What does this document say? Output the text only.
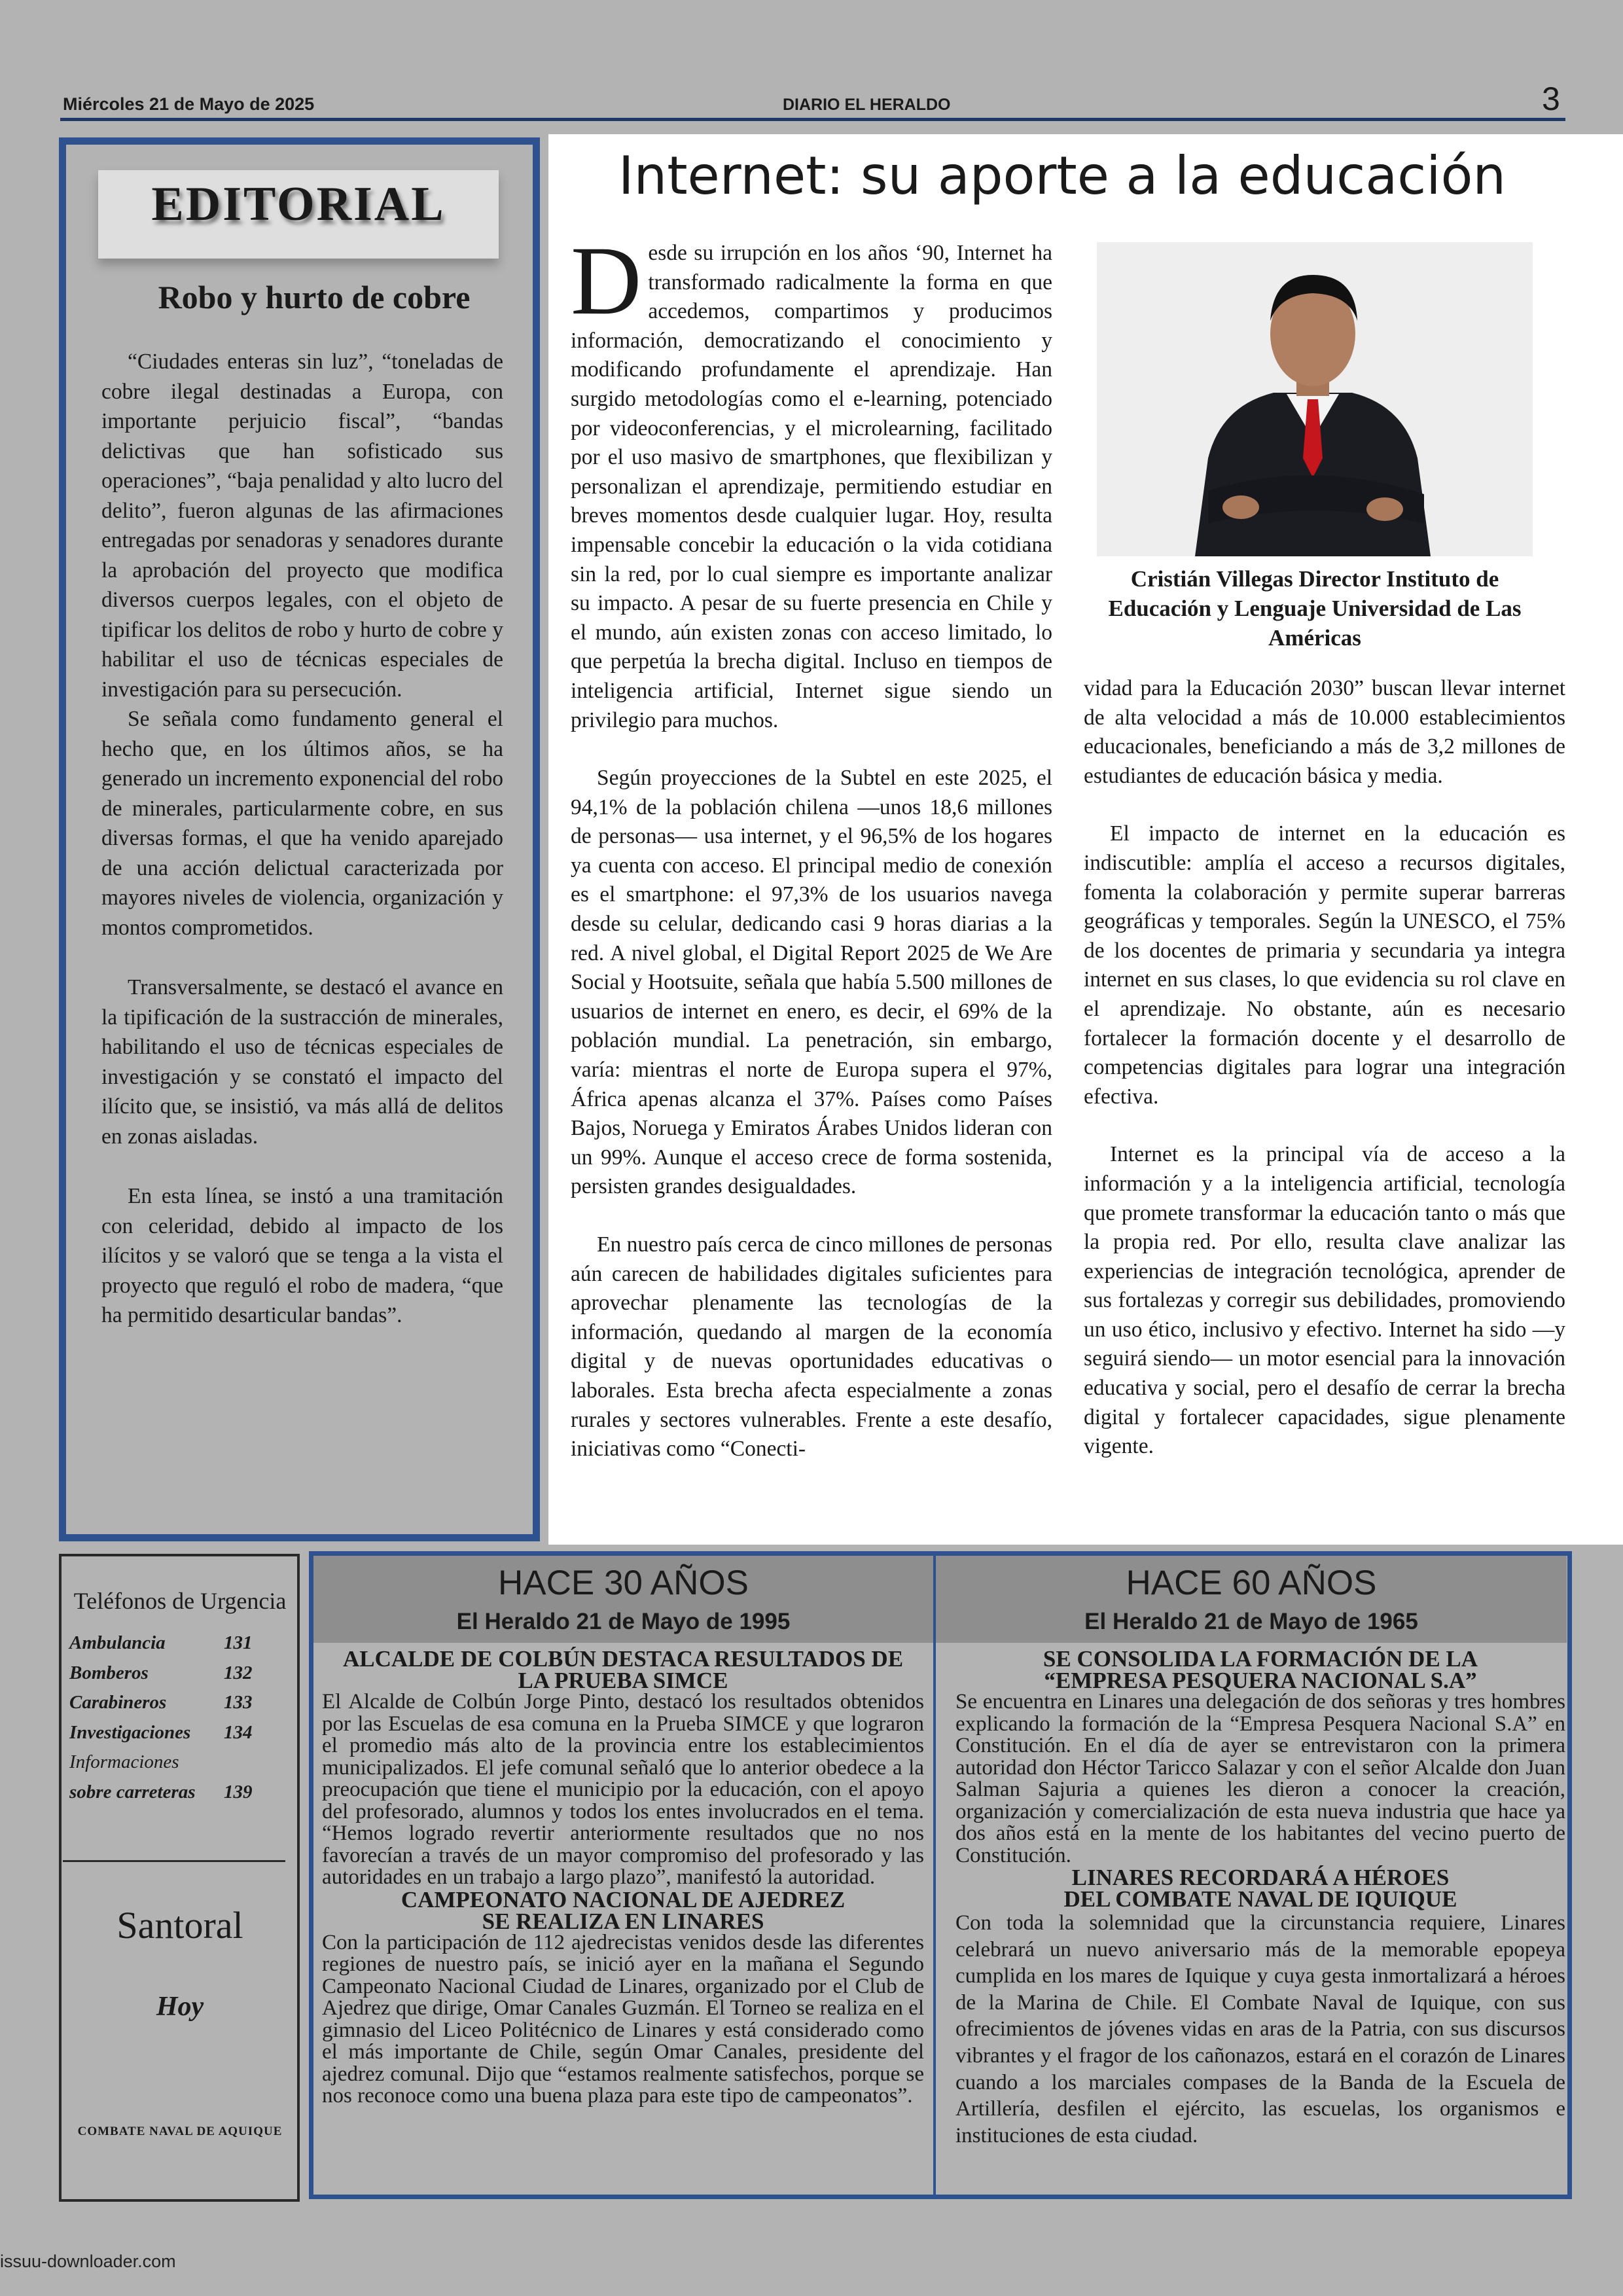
Miércoles 21 de Mayo de 2025	DIARIO EL HERALDO	3
EDITORIAL
Robo y hurto de cobre

“Ciudades enteras sin luz”, “toneladas de cobre ilegal destinadas a Europa, con importante perjuicio fiscal”, “bandas delictivas que han sofisticado sus operaciones”, “baja penalidad y alto lucro del delito”, fueron algunas de las afirmaciones entregadas por senadoras y senadores durante la aprobación del proyecto que modifica diversos cuerpos legales, con el objeto de tipificar los delitos de robo y hurto de cobre y habilitar el uso de técnicas especiales de investigación para su persecución.

Se señala como fundamento general el hecho que, en los últimos años, se ha generado un incremento exponencial del robo de minerales, particularmente cobre, en sus diversas formas, el que ha venido aparejado de una acción delictual caracterizada por mayores niveles de violencia, organización y montos comprometidos.

Transversalmente, se destacó el avance en la tipificación de la sustracción de minerales, habilitando el uso de técnicas especiales de investigación y se constató el impacto del ilícito que, se insistió, va más allá de delitos en zonas aisladas.

En esta línea, se instó a una tramitación con celeridad, debido al impacto de los ilícitos y se valoró que se tenga a la vista el proyecto que reguló el robo de madera, “que ha permitido desarticular bandas”.

Internet: su aporte a la educación

Desde su irrupción en los años ‘90, Internet ha transformado radicalmente la forma en que accedemos, compartimos y producimos información, democratizando el conocimiento y modificando profundamente el aprendizaje. Han surgido metodologías como el e-learning, potenciado por videoconferencias, y el microlearning, facilitado por el uso masivo de smartphones, que flexibilizan y personalizan el aprendizaje, permitiendo estudiar en breves momentos desde cualquier lugar. Hoy, resulta impensable concebir la educación o la vida cotidiana sin la red, por lo cual siempre es importante analizar su impacto. A pesar de su fuerte presencia en Chile y el mundo, aún existen zonas con acceso limitado, lo que perpetúa la brecha digital. Incluso en tiempos de inteligencia artificial, Internet sigue siendo un privilegio para muchos.

Según proyecciones de la Subtel en este 2025, el 94,1% de la población chilena —unos 18,6 millones de personas— usa internet, y el 96,5% de los hogares ya cuenta con acceso. El principal medio de conexión es el smartphone: el 97,3% de los usuarios navega desde su celular, dedicando casi 9 horas diarias a la red. A nivel global, el Digital Report 2025 de We Are Social y Hootsuite, señala que había 5.500 millones de usuarios de internet en enero, es decir, el 69% de la población mundial. La penetración, sin embargo, varía: mientras el norte de Europa supera el 97%, África apenas alcanza el 37%. Países como Países Bajos, Noruega y Emiratos Árabes Unidos lideran con un 99%. Aunque el acceso crece de forma sostenida, persisten grandes desigualdades.

En nuestro país cerca de cinco millones de personas aún carecen de habilidades digitales suficientes para aprovechar plenamente las tecnologías de la información, quedando al margen de la economía digital y de nuevas oportunidades educativas o laborales. Esta brecha afecta especialmente a zonas rurales y sectores vulnerables. Frente a este desafío, iniciativas como “Conecti-

Cristián Villegas Director Instituto de Educación y Lenguaje Universidad de Las Américas

vidad para la Educación 2030” buscan llevar internet de alta velocidad a más de 10.000 establecimientos educacionales, beneficiando a más de 3,2 millones de estudiantes de educación básica y media.

El impacto de internet en la educación es indiscutible: amplía el acceso a recursos digitales, fomenta la colaboración y permite superar barreras geográficas y temporales. Según la UNESCO, el 75% de los docentes de primaria y secundaria ya integra internet en sus clases, lo que evidencia su rol clave en el aprendizaje. No obstante, aún es necesario fortalecer la formación docente y el desarrollo de competencias digitales para lograr una integración efectiva.

Internet es la principal vía de acceso a la información y a la inteligencia artificial, tecnología que promete transformar la educación tanto o más que la propia red. Por ello, resulta clave analizar las experiencias de integración tecnológica, aprender de sus fortalezas y corregir sus debilidades, promoviendo un uso ético, inclusivo y efectivo. Internet ha sido —y seguirá siendo— un motor esencial para la innovación educativa y social, pero el desafío de cerrar la brecha digital y fortalecer capacidades, sigue plenamente vigente.

Teléfonos de Urgencia
Ambulancia	131
Bomberos	132
Carabineros	133
Investigaciones	134
Informaciones
sobre carreteras	139
Santoral
Hoy
COMBATE NAVAL DE AQUIQUE
HACE 30 AÑOS
El Heraldo 21 de Mayo de 1995
ALCALDE DE COLBÚN DESTACA RESULTADOS DE LA PRUEBA SIMCE
El Alcalde de Colbún Jorge Pinto, destacó los resultados obtenidos por las Escuelas de esa comuna en la Prueba SIMCE y que lograron el promedio más alto de la provincia entre los establecimientos municipalizados. El jefe comunal señaló que lo anterior obedece a la preocupación que tiene el municipio por la educación, con el apoyo del profesorado, alumnos y todos los entes involucrados en el tema. “Hemos logrado revertir anteriormente resultados que no nos favorecían a través de un mayor compromiso del profesorado y las autoridades en un trabajo a largo plazo”, manifestó la autoridad.
CAMPEONATO NACIONAL DE AJEDREZ SE REALIZA EN LINARES
Con la participación de 112 ajedrecistas venidos desde las diferentes regiones de nuestro país, se inició ayer en la mañana el Segundo Campeonato Nacional Ciudad de Linares, organizado por el Club de Ajedrez que dirige, Omar Canales Guzmán. El Torneo se realiza en el gimnasio del Liceo Politécnico de Linares y está considerado como el más importante de Chile, según Omar Canales, presidente del ajedrez comunal. Dijo que “estamos realmente satisfechos, porque se nos reconoce como una buena plaza para este tipo de campeonatos”.
HACE 60 AÑOS
El Heraldo 21 de Mayo de 1965
SE CONSOLIDA LA FORMACIÓN DE LA “EMPRESA PESQUERA NACIONAL S.A”
Se encuentra en Linares una delegación de dos señoras y tres hombres explicando la formación de la “Empresa Pesquera Nacional S.A” en Constitución. En el día de ayer se entrevistaron con la primera autoridad don Héctor Taricco Salazar y con el señor Alcalde don Juan Salman Sajuria a quienes les dieron a conocer la creación, organización y comercialización de esta nueva industria que hace ya dos años está en la mente de los habitantes del vecino puerto de Constitución.
LINARES RECORDARÁ A HÉROES DEL COMBATE NAVAL DE IQUIQUE
Con toda la solemnidad que la circunstancia requiere, Linares celebrará un nuevo aniversario más de la memorable epopeya cumplida en los mares de Iquique y cuya gesta inmortalizará a héroes de la Marina de Chile. El Combate Naval de Iquique, con sus ofrecimientos de jóvenes vidas en aras de la Patria, con sus discursos vibrantes y el fragor de los cañonazos, estará en el corazón de Linares cuando a los marciales compases de la Banda de la Escuela de Artillería, desfilen el ejército, las escuelas, los organismos e instituciones de esta ciudad.
issuu-downloader.com
